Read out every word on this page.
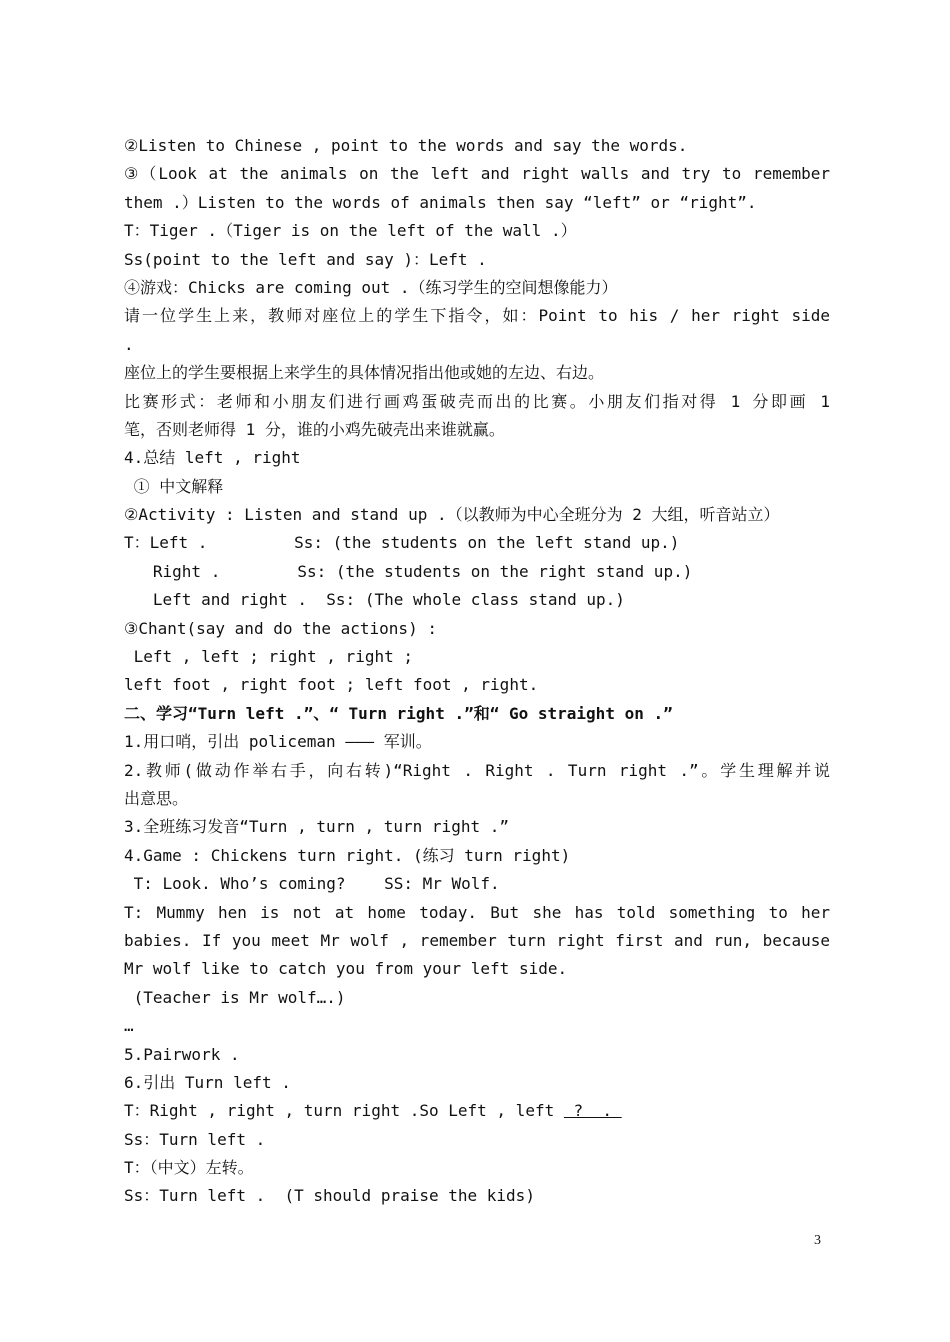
②Listen to Chinese , point to the words and say the words.
③（Look at the animals on the left and right walls and try to remember
them .）Listen to the words of animals then say “left” or “right”.
T：Tiger .（Tiger is on the left of the wall .）
Ss(point to the left and say )：Left .
④游戏：Chicks are coming out .（练习学生的空间想像能力）
请一位学生上来，教师对座位上的学生下指令，如：Point to his / her right side
.
座位上的学生要根据上来学生的具体情况指出他或她的左边、右边。
比赛形式：老师和小朋友们进行画鸡蛋破壳而出的比赛。小朋友们指对得 1 分即画 1
笔，否则老师得 1 分，谁的小鸡先破壳出来谁就赢。
4.总结 left , right
① 中文解释
②Activity : Listen and stand up .（以教师为中心全班分为 2 大组，听音站立）
T：Left .         Ss: (the students on the left stand up.)
Right .        Ss: (the students on the right stand up.)
Left and right .  Ss: (The whole class stand up.)
③Chant(say and do the actions) :
Left , left ; right , right ;
left foot , right foot ; left foot , right.
二、学习“Turn left .”、“ Turn right .”和“ Go straight on .”
1.用口哨，引出 policeman ——— 军训。
2.教师(做动作举右手，向右转)“Right . Right . Turn right .”。学生理解并说
出意思。
3.全班练习发音“Turn , turn , turn right .”
4.Game : Chickens turn right. (练习 turn right)
T: Look. Who’s coming?    SS: Mr Wolf.
T: Mummy hen is not at home today. But she has told something to her
babies. If you meet Mr wolf , remember turn right first and run, because
Mr wolf like to catch you from your left side.
(Teacher is Mr wolf….)
…
5.Pairwork .
6.引出 Turn left .
T：Right , right , turn right .So Left , left  ?  .
Ss：Turn left .
T：（中文）左转。
Ss：Turn left .  (T should praise the kids)
3
